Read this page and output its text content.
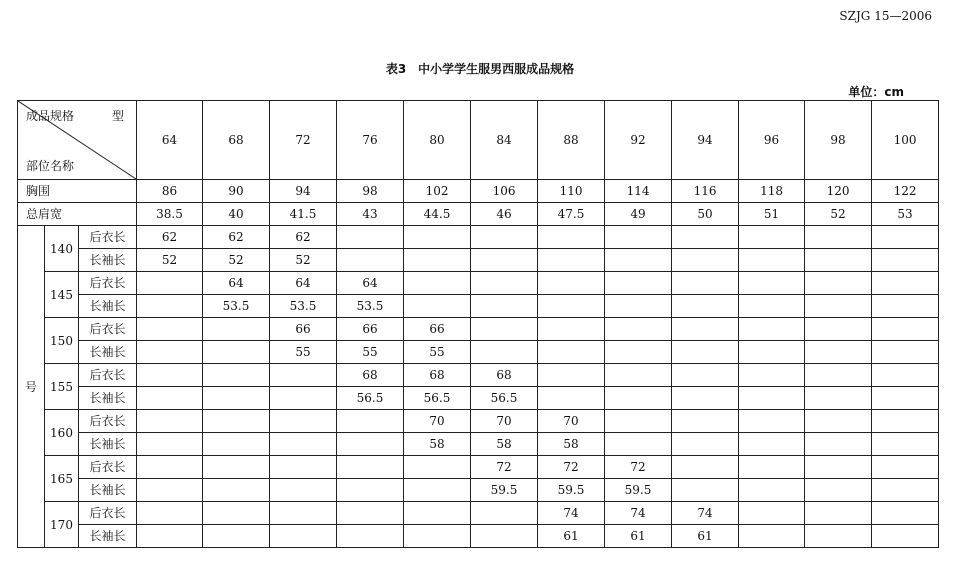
SZJG 15—2006
表3　中小学学生服男西服成品规格
单位：cm
成品规格 型
部位名称			64	68	72	76	80	84	88	92	94	96	98	100
胸围			86	90	94	98	102	106	110	114	116	118	120	122
总肩宽			38.5	40	41.5	43	44.5	46	47.5	49	50	51	52	53
号	140	后衣长	62	62	62									
		长袖长	52	52	52									
	145	后衣长		64	64	64								
		长袖长		53.5	53.5	53.5								
	150	后衣长			66	66	66							
		长袖长			55	55	55							
	155	后衣长				68	68	68						
		长袖长				56.5	56.5	56.5						
	160	后衣长					70	70	70					
		长袖长					58	58	58					
	165	后衣长						72	72	72				
		长袖长						59.5	59.5	59.5				
	170	后衣长							74	74	74			
		长袖长							61	61	61			
